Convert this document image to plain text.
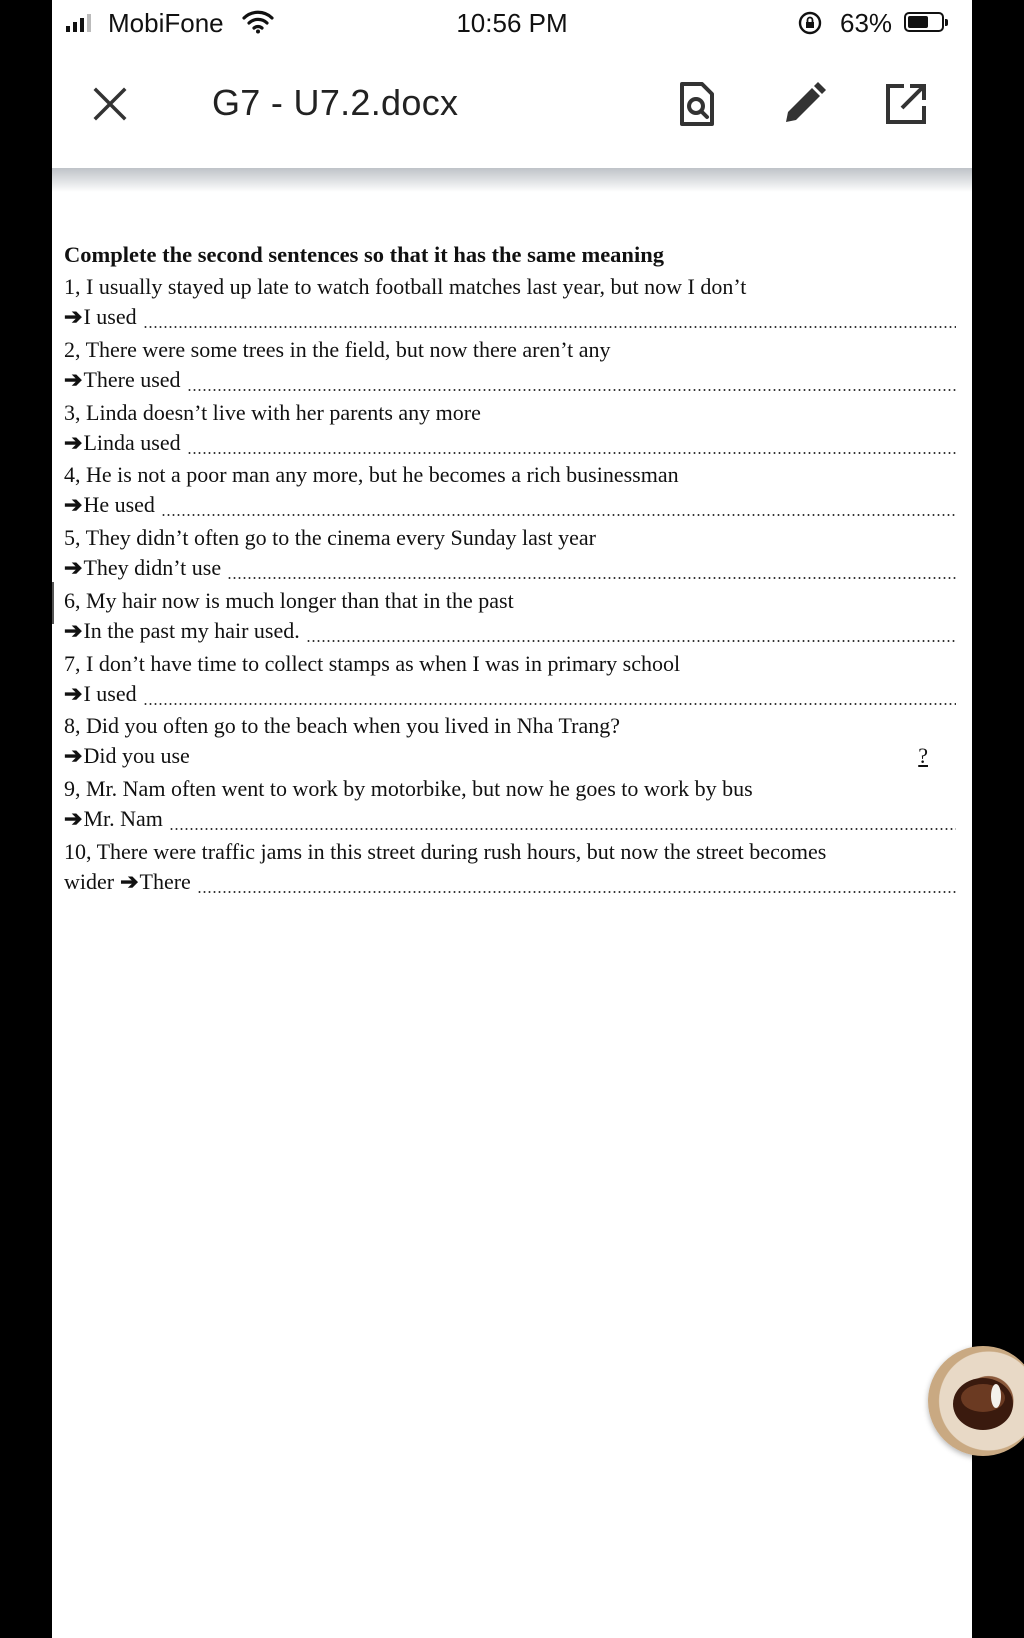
MobiFone	10:56 PM	63%
G7 - U7.2.docx
Complete the second sentences so that it has the same meaning
1, I usually stayed up late to watch football matches last year, but now I don’t
➔ I used
2, There were some trees in the field, but now there aren’t any
➔ There used
3, Linda doesn’t live with her parents any more
➔ Linda used
4, He is not a poor man any more, but he becomes a rich businessman
➔ He used
5, They didn’t often go to the cinema every Sunday last year
➔ They didn’t use
6, My hair now is much longer than that in the past
➔ In the past my hair used.
7, I don’t have time to collect stamps as when I was in primary school
➔ I used
8, Did you often go to the beach when you lived in Nha Trang?
➔ Did you use	?
9, Mr. Nam often went to work by motorbike, but now he goes to work by bus
➔ Mr. Nam
10, There were traffic jams in this street during rush hours, but now the street becomes
wider ➔ There
